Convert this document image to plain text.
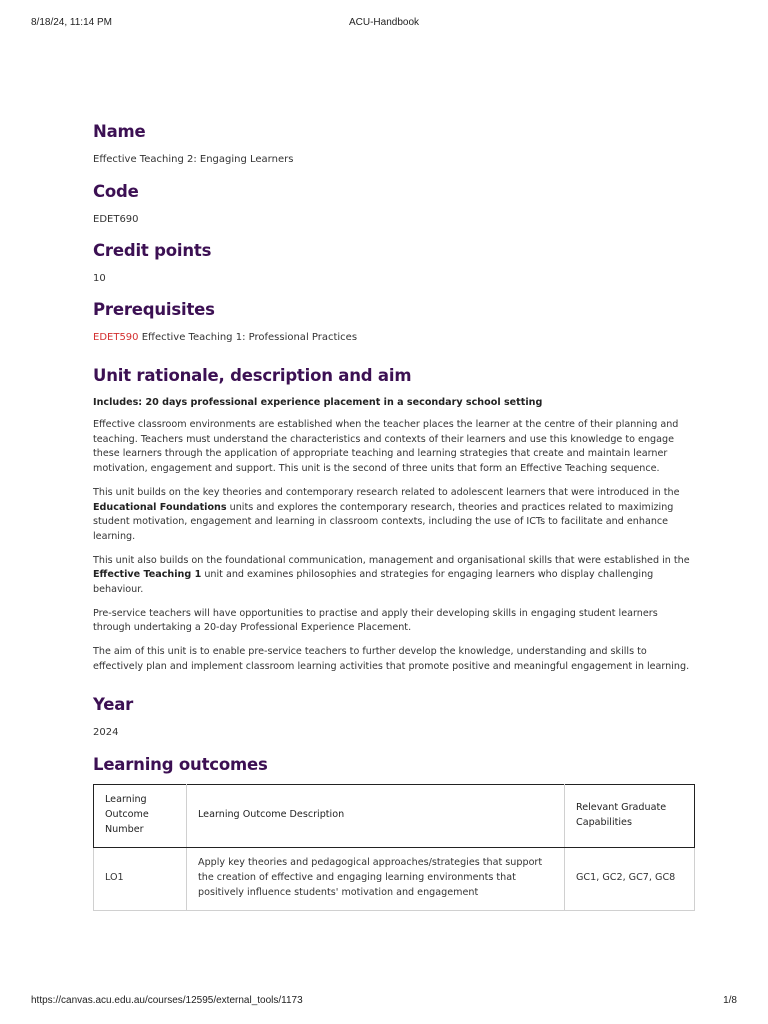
8/18/24, 11:14 PM	ACU-Handbook
Name

Effective Teaching 2: Engaging Learners

Code

EDET690

Credit points

10

Prerequisites

EDET590 Effective Teaching 1: Professional Practices

Unit rationale, description and aim

Includes: 20 days professional experience placement in a secondary school setting

Effective classroom environments are established when the teacher places the learner at the centre of their planning and teaching. Teachers must understand the characteristics and contexts of their learners and use this knowledge to engage these learners through the application of appropriate teaching and learning strategies that create and maintain learner motivation, engagement and support. This unit is the second of three units that form an Effective Teaching sequence.

This unit builds on the key theories and contemporary research related to adolescent learners that were introduced in the Educational Foundations units and explores the contemporary research, theories and practices related to maximizing student motivation, engagement and learning in classroom contexts, including the use of ICTs to facilitate and enhance learning.

This unit also builds on the foundational communication, management and organisational skills that were established in the Effective Teaching 1 unit and examines philosophies and strategies for engaging learners who display challenging behaviour.

Pre-service teachers will have opportunities to practise and apply their developing skills in engaging student learners through undertaking a 20-day Professional Experience Placement.

The aim of this unit is to enable pre-service teachers to further develop the knowledge, understanding and skills to effectively plan and implement classroom learning activities that promote positive and meaningful engagement in learning.

Year

2024

Learning outcomes
Learning Outcome Number	Learning Outcome Description	Relevant Graduate Capabilities

LO1	Apply key theories and pedagogical approaches/strategies that support the creation of effective and engaging learning environments that positively influence students' motivation and engagement	GC1, GC2, GC7, GC8
https://canvas.acu.edu.au/courses/12595/external_tools/1173	1/8
